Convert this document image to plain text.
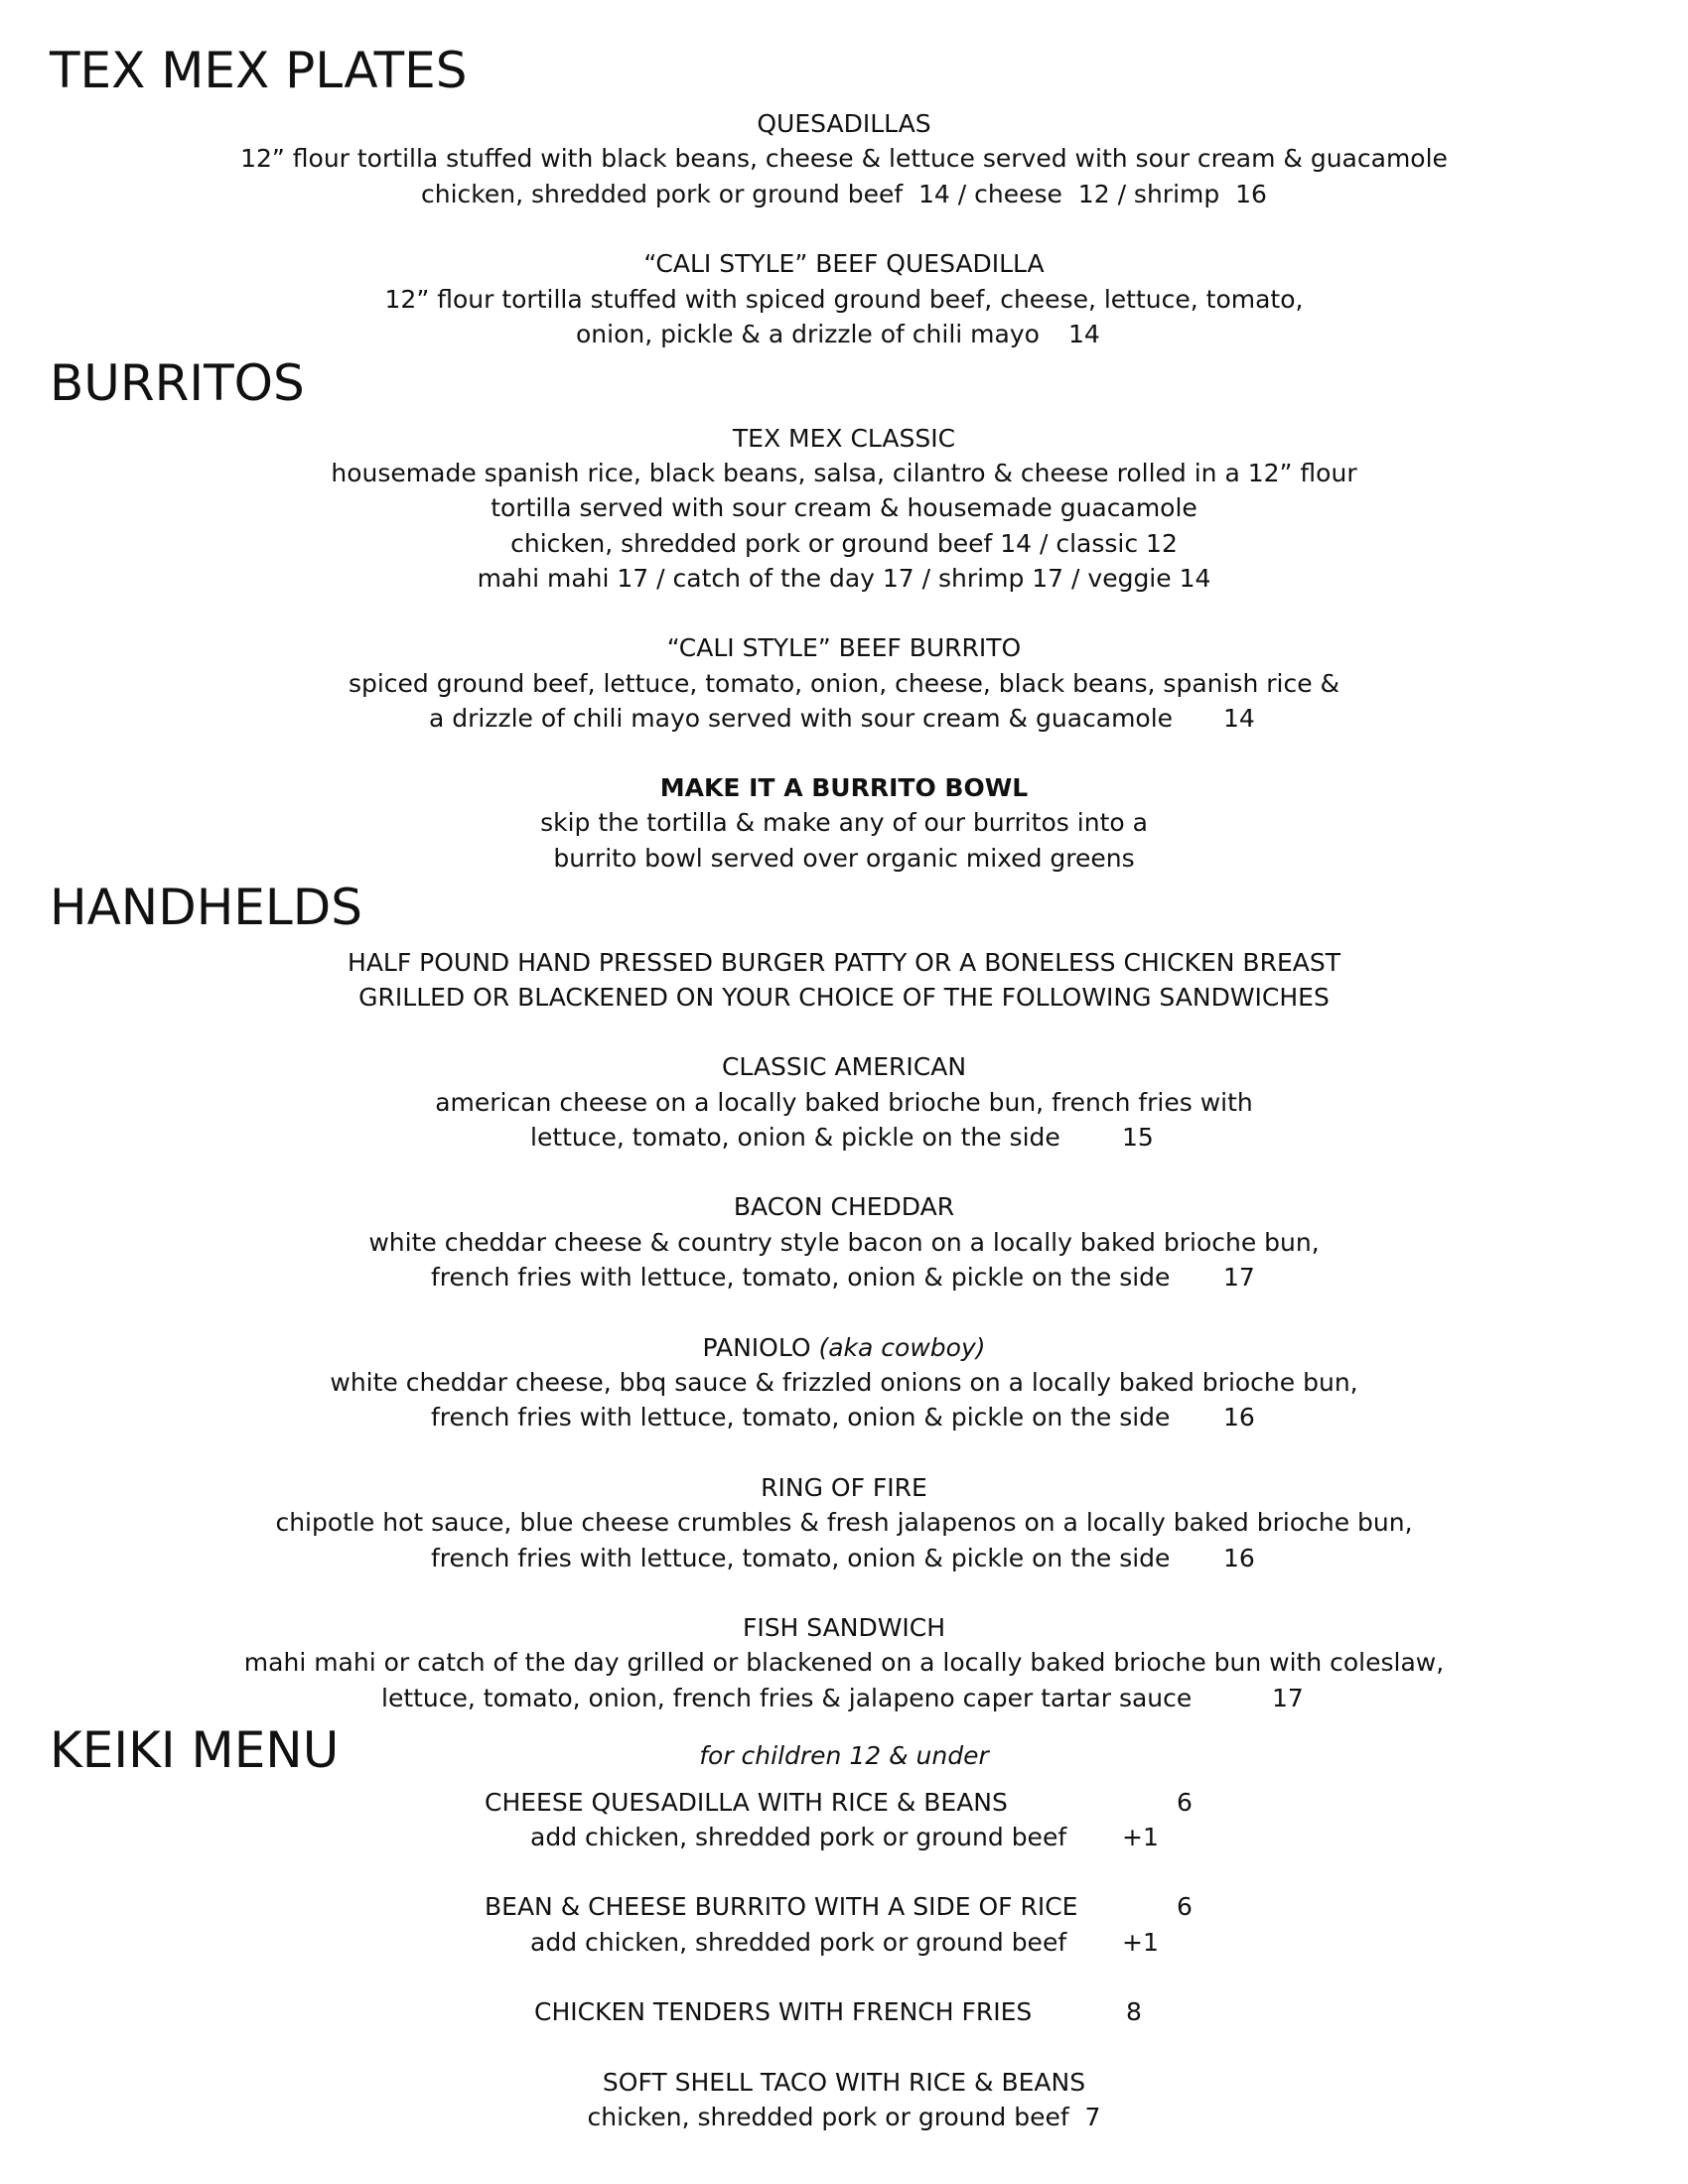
TEX MEX PLATES
BURRITOS
HANDHELDS
KEIKI MENU
QUESADILLAS
12” flour tortilla stuffed with black beans, cheese & lettuce served with sour cream & guacamole
chicken, shredded pork or ground beef  14 / cheese  12 / shrimp  16
“CALI STYLE” BEEF QUESADILLA
12” flour tortilla stuffed with spiced ground beef, cheese, lettuce, tomato,
onion, pickle & a drizzle of chili mayo 14
TEX MEX CLASSIC
housemade spanish rice, black beans, salsa, cilantro & cheese rolled in a 12” flour
tortilla served with sour cream & housemade guacamole
chicken, shredded pork or ground beef 14 / classic 12
mahi mahi 17 / catch of the day 17 / shrimp 17 / veggie 14
“CALI STYLE” BEEF BURRITO
spiced ground beef, lettuce, tomato, onion, cheese, black beans, spanish rice &
a drizzle of chili mayo served with sour cream & guacamole 14
MAKE IT A BURRITO BOWL
skip the tortilla & make any of our burritos into a
burrito bowl served over organic mixed greens
HALF POUND HAND PRESSED BURGER PATTY OR A BONELESS CHICKEN BREAST
GRILLED OR BLACKENED ON YOUR CHOICE OF THE FOLLOWING SANDWICHES
CLASSIC AMERICAN
american cheese on a locally baked brioche bun, french fries with
lettuce, tomato, onion & pickle on the side 15
BACON CHEDDAR
white cheddar cheese & country style bacon on a locally baked brioche bun,
french fries with lettuce, tomato, onion & pickle on the side 17
PANIOLO (aka cowboy)
white cheddar cheese, bbq sauce & frizzled onions on a locally baked brioche bun,
french fries with lettuce, tomato, onion & pickle on the side 16
RING OF FIRE
chipotle hot sauce, blue cheese crumbles & fresh jalapenos on a locally baked brioche bun,
french fries with lettuce, tomato, onion & pickle on the side 16
FISH SANDWICH
mahi mahi or catch of the day grilled or blackened on a locally baked brioche bun with coleslaw,
lettuce, tomato, onion, french fries & jalapeno caper tartar sauce	17
for children 12 & under
CHEESE QUESADILLA WITH RICE & BEANS	6
add chicken, shredded pork or ground beef +1
BEAN & CHEESE BURRITO WITH A SIDE OF RICE	6
add chicken, shredded pork or ground beef +1
CHICKEN TENDERS WITH FRENCH FRIES	8
SOFT SHELL TACO WITH RICE & BEANS
chicken, shredded pork or ground beef  7
